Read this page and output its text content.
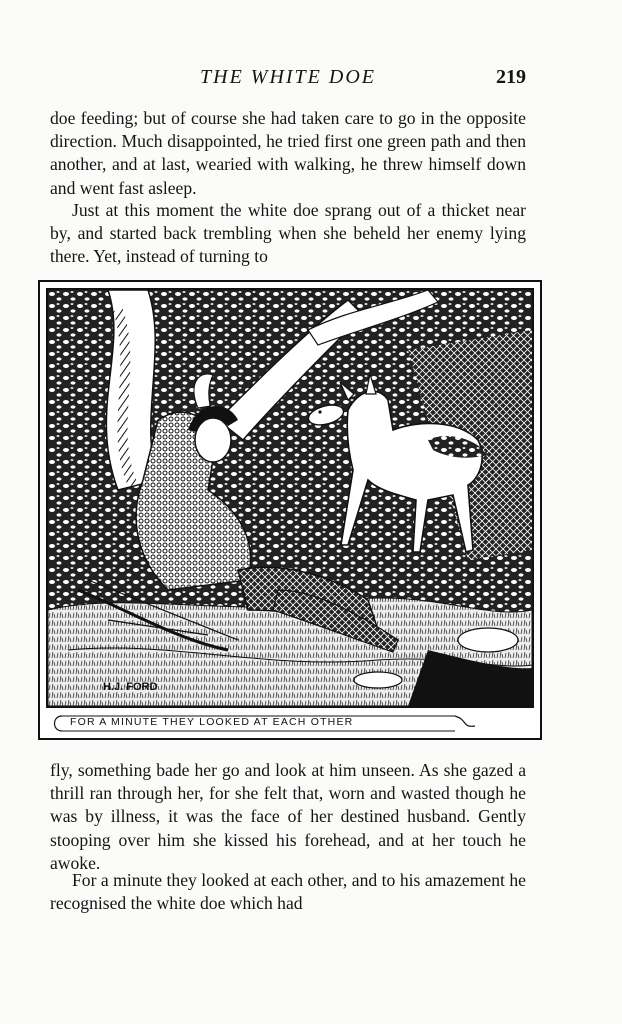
THE WHITE DOE	219

doe feeding; but of course she had taken care to go in the opposite direction. Much disappointed, he tried first one green path and then another, and at last, wearied with walking, he threw himself down and went fast asleep.

Just at this moment the white doe sprang out of a thicket near by, and started back trembling when she beheld her enemy lying there. Yet, instead of turning to

H.J. FORD
FOR A MINUTE THEY LOOKED AT EACH OTHER

fly, something bade her go and look at him unseen. As she gazed a thrill ran through her, for she felt that, worn and wasted though he was by illness, it was the face of her destined husband. Gently stooping over him she kissed his forehead, and at her touch he awoke.

For a minute they looked at each other, and to his amazement he recognised the white doe which had
